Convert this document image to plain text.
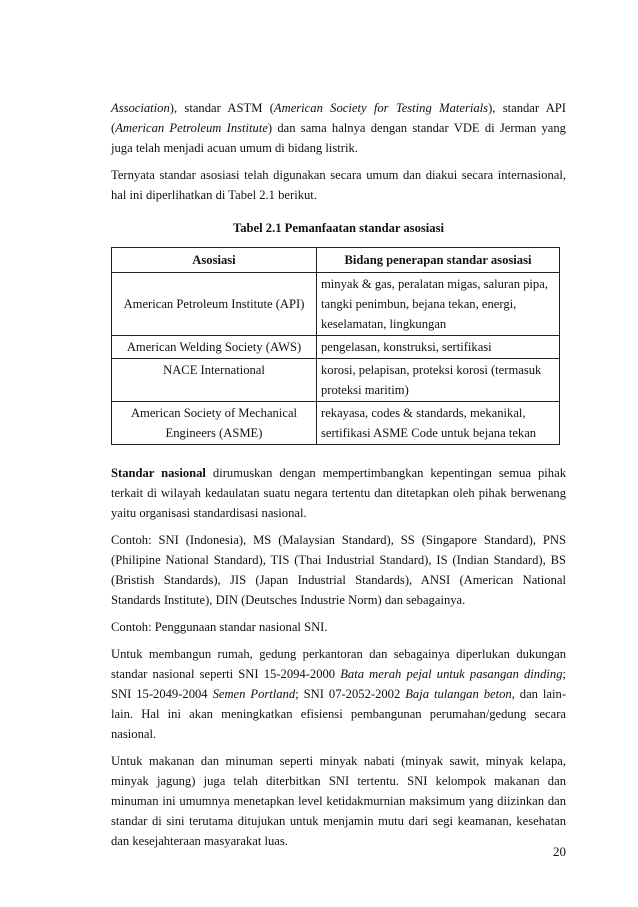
Association), standar ASTM (American Society for Testing Materials), standar API (American Petroleum Institute) dan sama halnya dengan standar VDE di Jerman yang juga telah menjadi acuan umum di bidang listrik.

Ternyata standar asosiasi telah digunakan secara umum dan diakui secara internasional, hal ini diperlihatkan di Tabel 2.1 berikut.

Tabel 2.1 Pemanfaatan standar asosiasi
Asosiasi	Bidang penerapan standar asosiasi
American Petroleum Institute (API)	minyak & gas, peralatan migas, saluran pipa, tangki penimbun, bejana tekan, energi, keselamatan, lingkungan
American Welding Society (AWS)	pengelasan, konstruksi, sertifikasi
NACE International	korosi, pelapisan, proteksi korosi (termasuk proteksi maritim)
American Society of Mechanical Engineers (ASME)	rekayasa, codes & standards, mekanikal, sertifikasi ASME Code untuk bejana tekan

Standar nasional dirumuskan dengan mempertimbangkan kepentingan semua pihak terkait di wilayah kedaulatan suatu negara tertentu dan ditetapkan oleh pihak berwenang yaitu organisasi standardisasi nasional.

Contoh: SNI (Indonesia), MS (Malaysian Standard), SS (Singapore Standard), PNS (Philipine National Standard), TIS (Thai Industrial Standard), IS (Indian Standard), BS (Bristish Standards), JIS (Japan Industrial Standards), ANSI (American National Standards Institute), DIN (Deutsches Industrie Norm) dan sebagainya.

Contoh: Penggunaan standar nasional SNI.

Untuk membangun rumah, gedung perkantoran dan sebagainya diperlukan dukungan standar nasional seperti SNI 15-2094-2000 Bata merah pejal untuk pasangan dinding; SNI 15-2049-2004 Semen Portland; SNI 07-2052-2002 Baja tulangan beton, dan lain-lain. Hal ini akan meningkatkan efisiensi pembangunan perumahan/gedung secara nasional.

Untuk makanan dan minuman seperti minyak nabati (minyak sawit, minyak kelapa, minyak jagung) juga telah diterbitkan SNI tertentu. SNI kelompok makanan dan minuman ini umumnya menetapkan level ketidakmurnian maksimum yang diizinkan dan standar di sini terutama ditujukan untuk menjamin mutu dari segi keamanan, kesehatan dan kesejahteraan masyarakat luas.

20
